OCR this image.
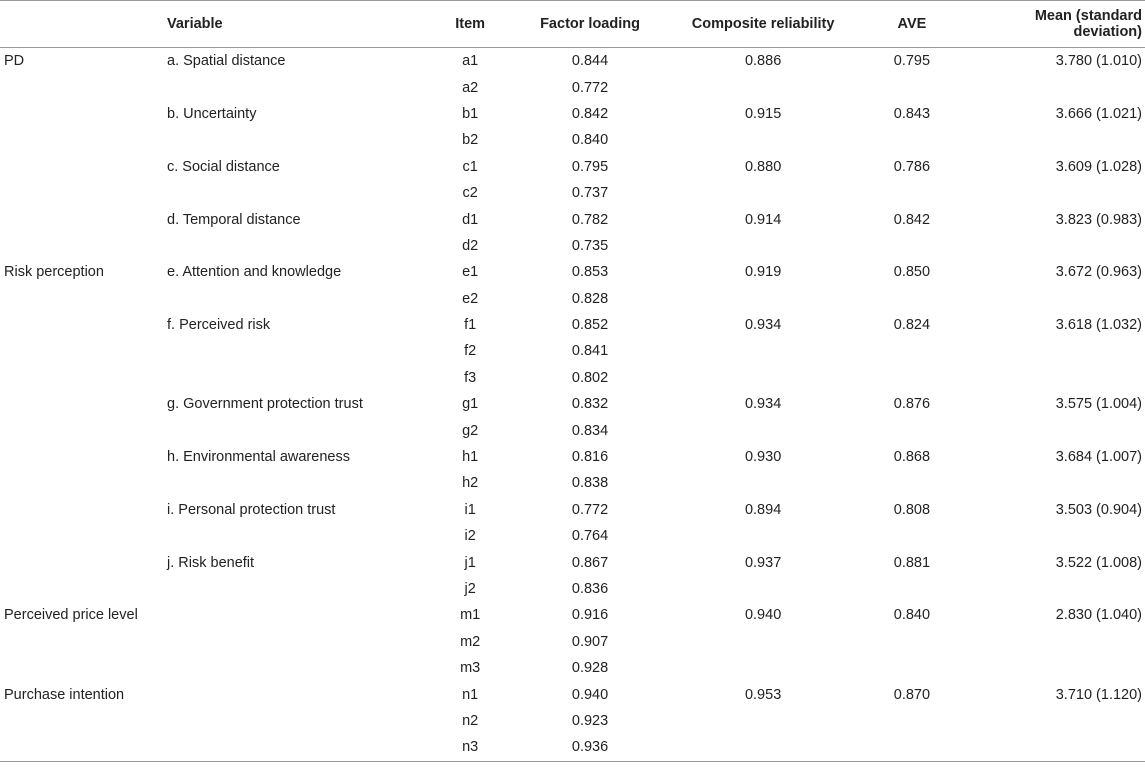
	Variable	Item	Factor loading	Composite reliability	AVE	Mean (standard deviation)
PD	a. Spatial distance	a1	0.844	0.886	0.795	3.780 (1.010)
		a2	0.772			
	b. Uncertainty	b1	0.842	0.915	0.843	3.666 (1.021)
		b2	0.840			
	c. Social distance	c1	0.795	0.880	0.786	3.609 (1.028)
		c2	0.737			
	d. Temporal distance	d1	0.782	0.914	0.842	3.823 (0.983)
		d2	0.735			
Risk perception	e. Attention and knowledge	e1	0.853	0.919	0.850	3.672 (0.963)
		e2	0.828			
	f. Perceived risk	f1	0.852	0.934	0.824	3.618 (1.032)
		f2	0.841			
		f3	0.802			
	g. Government protection trust	g1	0.832	0.934	0.876	3.575 (1.004)
		g2	0.834			
	h. Environmental awareness	h1	0.816	0.930	0.868	3.684 (1.007)
		h2	0.838			
	i. Personal protection trust	i1	0.772	0.894	0.808	3.503 (0.904)
		i2	0.764			
	j. Risk benefit	j1	0.867	0.937	0.881	3.522 (1.008)
		j2	0.836			
Perceived price level		m1	0.916	0.940	0.840	2.830 (1.040)
		m2	0.907			
		m3	0.928			
Purchase intention		n1	0.940	0.953	0.870	3.710 (1.120)
		n2	0.923			
		n3	0.936			
